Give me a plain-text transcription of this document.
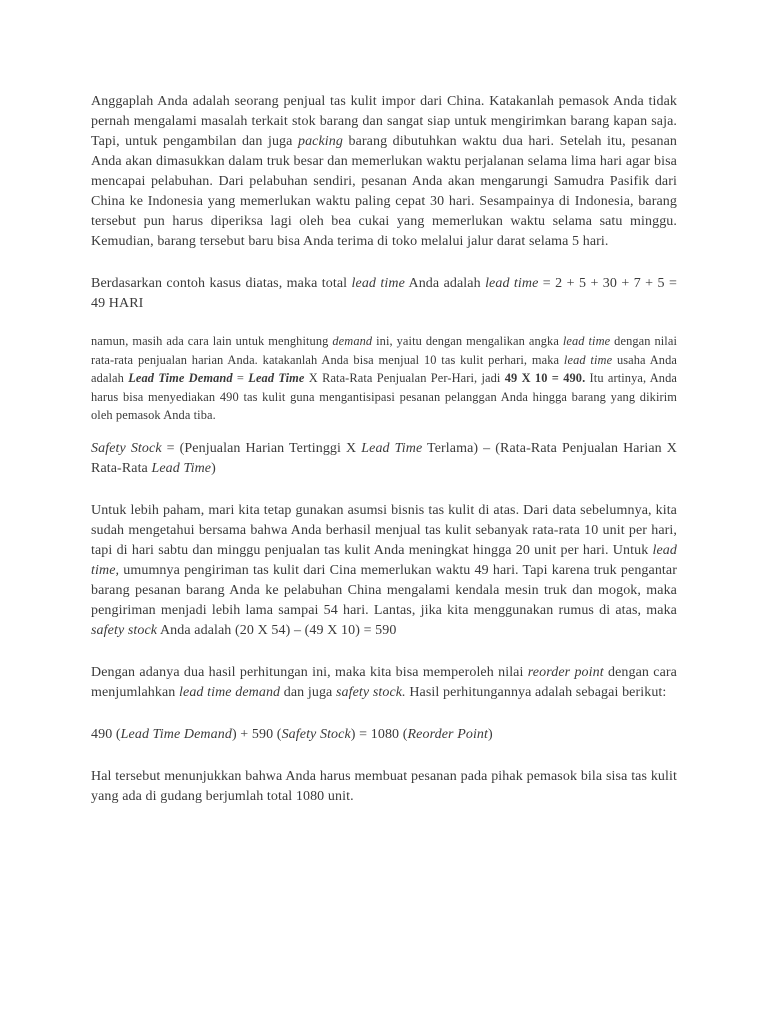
Anggaplah Anda adalah seorang penjual tas kulit impor dari China. Katakanlah pemasok Anda tidak pernah mengalami masalah terkait stok barang dan sangat siap untuk mengirimkan barang kapan saja. Tapi, untuk pengambilan dan juga packing barang dibutuhkan waktu dua hari. Setelah itu, pesanan Anda akan dimasukkan dalam truk besar dan memerlukan waktu perjalanan selama lima hari agar bisa mencapai pelabuhan. Dari pelabuhan sendiri, pesanan Anda akan mengarungi Samudra Pasifik dari China ke Indonesia yang memerlukan waktu paling cepat 30 hari. Sesampainya di Indonesia, barang tersebut pun harus diperiksa lagi oleh bea cukai yang memerlukan waktu selama satu minggu. Kemudian, barang tersebut baru bisa Anda terima di toko melalui jalur darat selama 5 hari.

Berdasarkan contoh kasus diatas, maka total lead time Anda adalah lead time = 2 + 5 + 30 + 7 + 5 = 49 HARI

namun, masih ada cara lain untuk menghitung demand ini, yaitu dengan mengalikan angka lead time dengan nilai rata-rata penjualan harian Anda. katakanlah Anda bisa menjual 10 tas kulit perhari, maka lead time usaha Anda adalah Lead Time Demand = Lead Time X Rata-Rata Penjualan Per-Hari, jadi 49 X 10 = 490. Itu artinya, Anda harus bisa menyediakan 490 tas kulit guna mengantisipasi pesanan pelanggan Anda hingga barang yang dikirim oleh pemasok Anda tiba.

Safety Stock = (Penjualan Harian Tertinggi X Lead Time Terlama) – (Rata-Rata Penjualan Harian X Rata-Rata Lead Time)

Untuk lebih paham, mari kita tetap gunakan asumsi bisnis tas kulit di atas. Dari data sebelumnya, kita sudah mengetahui bersama bahwa Anda berhasil menjual tas kulit sebanyak rata-rata 10 unit per hari, tapi di hari sabtu dan minggu penjualan tas kulit Anda meningkat hingga 20 unit per hari. Untuk lead time, umumnya pengiriman tas kulit dari Cina memerlukan waktu 49 hari. Tapi karena truk pengantar barang pesanan barang Anda ke pelabuhan China mengalami kendala mesin truk dan mogok, maka pengiriman menjadi lebih lama sampai 54 hari. Lantas, jika kita menggunakan rumus di atas, maka safety stock Anda adalah (20 X 54) – (49 X 10) = 590

Dengan adanya dua hasil perhitungan ini, maka kita bisa memperoleh nilai reorder point dengan cara menjumlahkan lead time demand dan juga safety stock. Hasil perhitungannya adalah sebagai berikut:

490 (Lead Time Demand) + 590 (Safety Stock) = 1080 (Reorder Point)

Hal tersebut menunjukkan bahwa Anda harus membuat pesanan pada pihak pemasok bila sisa tas kulit yang ada di gudang berjumlah total 1080 unit.
